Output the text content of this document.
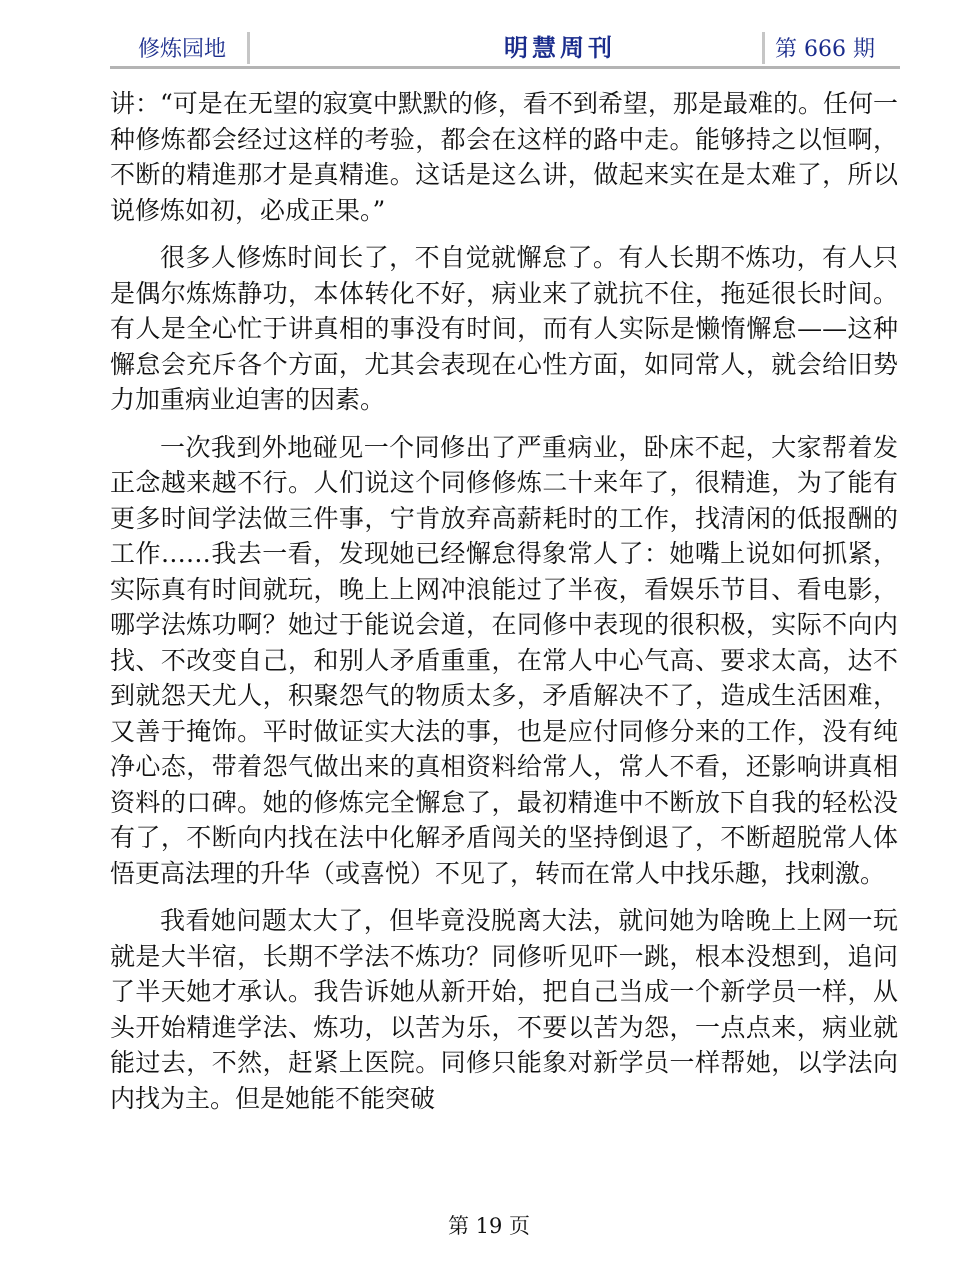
修炼园地	明慧周刊	第 666 期

讲：“可是在无望的寂寞中默默的修，看不到希望，那是最难的。任何一种修炼都会经过这样的考验，都会在这样的路中走。能够持之以恒啊，不断的精進那才是真精進。这话是这么讲，做起来实在是太难了，所以说修炼如初，必成正果。”

很多人修炼时间长了，不自觉就懈怠了。有人长期不炼功，有人只是偶尔炼炼静功，本体转化不好，病业来了就抗不住，拖延很长时间。有人是全心忙于讲真相的事没有时间，而有人实际是懒惰懈怠——这种懈怠会充斥各个方面，尤其会表现在心性方面，如同常人，就会给旧势力加重病业迫害的因素。

一次我到外地碰见一个同修出了严重病业，卧床不起，大家帮着发正念越来越不行。人们说这个同修修炼二十来年了，很精進，为了能有更多时间学法做三件事，宁肯放弃高薪耗时的工作，找清闲的低报酬的工作……我去一看，发现她已经懈怠得象常人了：她嘴上说如何抓紧，实际真有时间就玩，晚上上网冲浪能过了半夜，看娱乐节目、看电影，哪学法炼功啊？她过于能说会道，在同修中表现的很积极，实际不向内找、不改变自己，和别人矛盾重重，在常人中心气高、要求太高，达不到就怨天尤人，积聚怨气的物质太多，矛盾解决不了，造成生活困难，又善于掩饰。平时做证实大法的事，也是应付同修分来的工作，没有纯净心态，带着怨气做出来的真相资料给常人，常人不看，还影响讲真相资料的口碑。她的修炼完全懈怠了，最初精進中不断放下自我的轻松没有了，不断向内找在法中化解矛盾闯关的坚持倒退了，不断超脱常人体悟更高法理的升华（或喜悦）不见了，转而在常人中找乐趣，找刺激。

我看她问题太大了，但毕竟没脱离大法，就问她为啥晚上上网一玩就是大半宿，长期不学法不炼功？同修听见吓一跳，根本没想到，追问了半天她才承认。我告诉她从新开始，把自己当成一个新学员一样，从头开始精進学法、炼功，以苦为乐，不要以苦为怨，一点点来，病业就能过去，不然，赶紧上医院。同修只能象对新学员一样帮她，以学法向内找为主。但是她能不能突破

第 19 页
